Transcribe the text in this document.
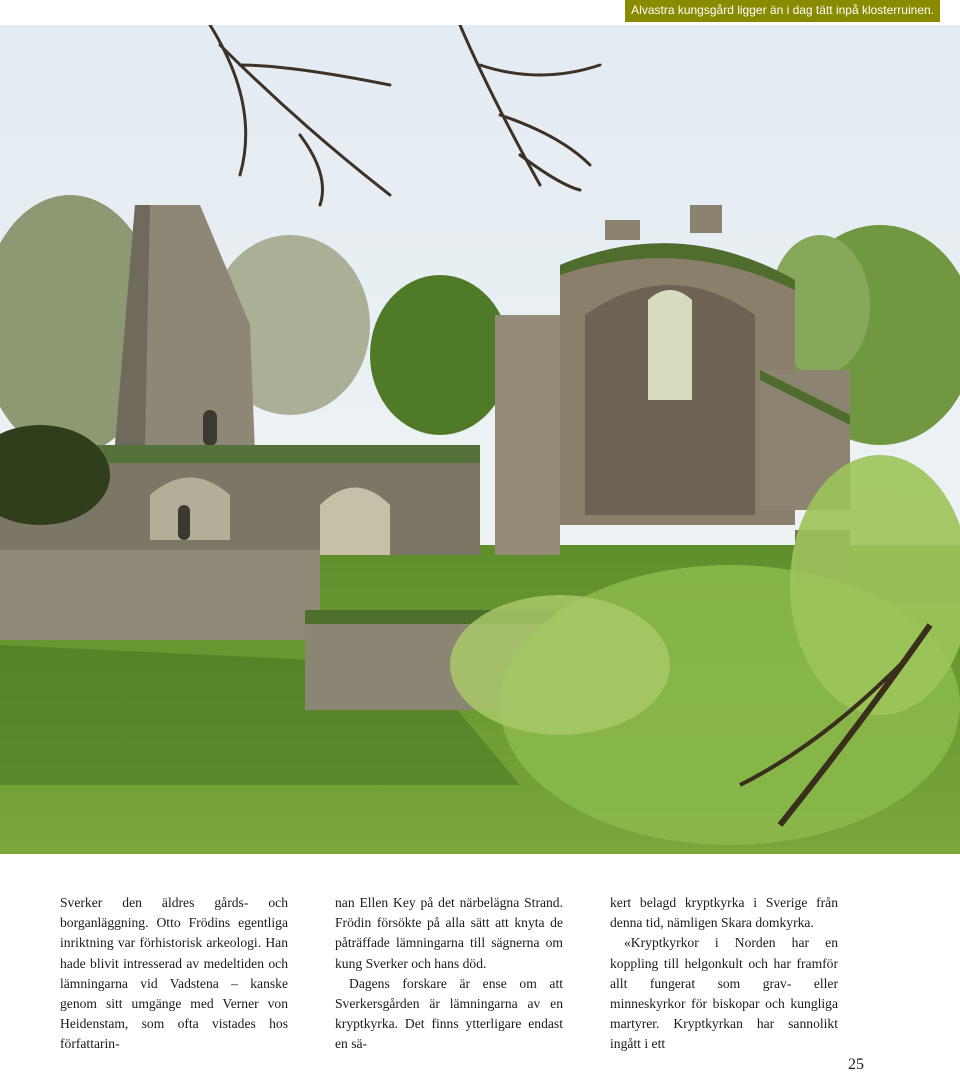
Alvastra kungsgård ligger än i dag tätt inpå klosterruinen.

Sverker den äldres gårds- och borganläggning. Otto Frödins egentliga inriktning var förhistorisk arkeologi. Han hade blivit intresserad av medeltiden och lämningarna vid Vadstena – kanske genom sitt umgänge med Verner von Heidenstam, som ofta vistades hos författarin-

nan Ellen Key på det närbelägna Strand. Frödin försökte på alla sätt att knyta de påträffade lämningarna till sägnerna om kung Sverker och hans död.

Dagens forskare är ense om att Sverkersgården är lämningarna av en kryptkyrka. Det finns ytterligare endast en sä-

kert belagd kryptkyrka i Sverige från denna tid, nämligen Skara domkyrka.

«Kryptkyrkor i Norden har en koppling till helgonkult och har framför allt fungerat som grav- eller minneskyrkor för biskopar och kungliga martyrer. Kryptkyrkan har sannolikt ingått i ett

25
